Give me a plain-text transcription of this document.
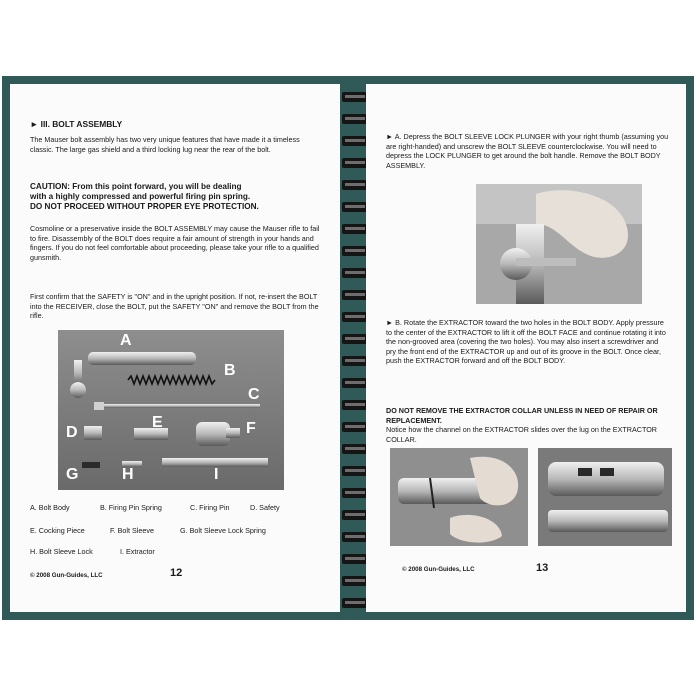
► III. BOLT ASSEMBLY
The Mauser bolt assembly has two very unique features that have made it a timeless classic. The large gas shield and a third locking lug near the rear of the bolt.
CAUTION: From this point forward, you will be dealing
with a highly compressed and powerful firing pin spring.
DO NOT PROCEED WITHOUT PROPER EYE PROTECTION.
Cosmoline or a preservative inside the BOLT ASSEMBLY may cause the Mauser rifle to fail to fire. Disassembly of the BOLT does require a fair amount of strength in your hands and fingers. If you do not feel comfortable about proceeding, please take your rifle to a qualified gunsmith.
First confirm that the SAFETY is "ON" and in the upright position. If not, re-insert the BOLT into the RECEIVER, close the BOLT, put the SAFETY "ON" and remove the BOLT from the rifle.
A
B
C
D
E	F
G	H	I
A. Bolt Body	B. Firing Pin Spring	C. Firing Pin	D. Safety
E. Cocking Piece	F. Bolt Sleeve	G. Bolt Sleeve Lock Spring
H. Bolt Sleeve Lock	I. Extractor
© 2008 Gun-Guides, LLC	12
► A. Depress the BOLT SLEEVE LOCK PLUNGER with your right thumb (assuming you are right-handed) and unscrew the BOLT SLEEVE counterclockwise. You will need to depress the LOCK PLUNGER to get around the bolt handle. Remove the BOLT BODY ASSEMBLY.
► B. Rotate the EXTRACTOR toward the two holes in the BOLT BODY. Apply pressure to the center of the EXTRACTOR to lift it off the BOLT FACE and continue rotating it into the non-grooved area (covering the two holes). You may also insert a screwdriver and pry the front end of the EXTRACTOR up and out of its groove in the BOLT. Once clear, push the EXTRACTOR forward and off the BOLT BODY.
DO NOT REMOVE THE EXTRACTOR COLLAR UNLESS IN NEED OF REPAIR OR REPLACEMENT.
Notice how the channel on the EXTRACTOR slides over the lug on the EXTRACTOR COLLAR.
© 2008 Gun-Guides, LLC	13
